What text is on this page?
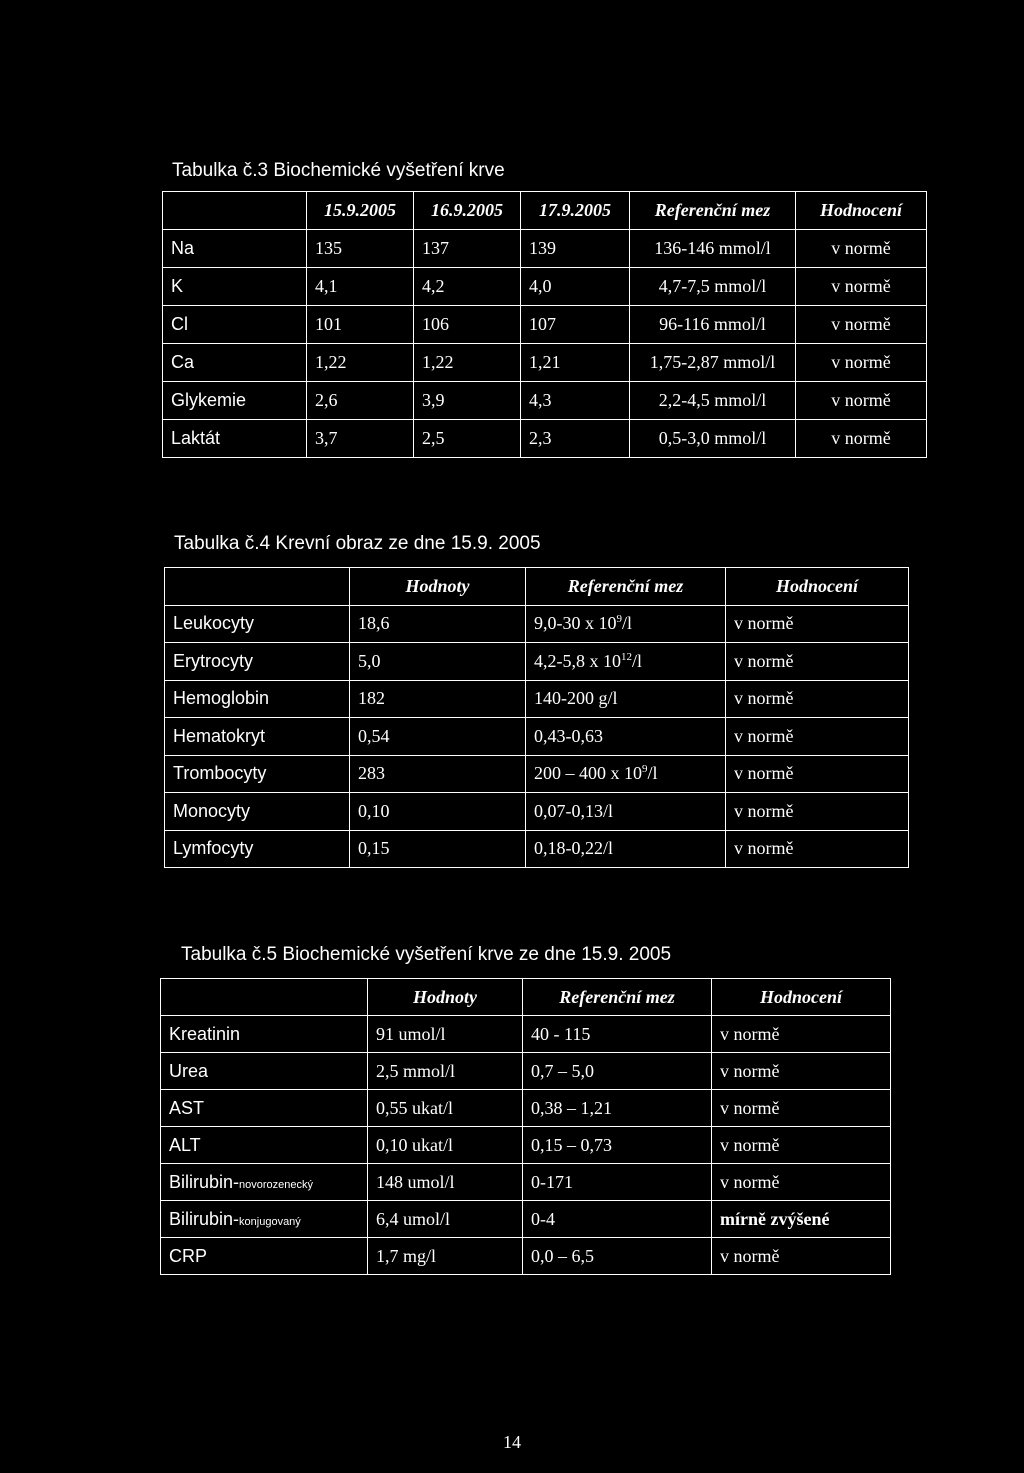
Tabulka č.3 Biochemické vyšetření krve
	15.9.2005	16.9.2005	17.9.2005	Referenční mez	Hodnocení
Na	135	137	139	136-146 mmol/l	v normě
K	4,1	4,2	4,0	4,7-7,5 mmol/l	v normě
Cl	101	106	107	96-116 mmol/l	v normě
Ca	1,22	1,22	1,21	1,75-2,87 mmol/l	v normě
Glykemie	2,6	3,9	4,3	2,2-4,5 mmol/l	v normě
Laktát	3,7	2,5	2,3	0,5-3,0 mmol/l	v normě
Tabulka č.4 Krevní obraz ze dne 15.9. 2005
	Hodnoty	Referenční mez	Hodnocení
Leukocyty	18,6	9,0-30 x $10^9/l$	v normě
Erytrocyty	5,0	4,2-5,8 x $10^{12}/l$	v normě
Hemoglobin	182	140-200 g/l	v normě
Hematokryt	0,54	0,43-0,63	v normě
Trombocyty	283	200 – 400 x $10^9/l$	v normě
Monocyty	0,10	0,07-0,13/l	v normě
Lymfocyty	0,15	0,18-0,22/l	v normě
Tabulka č.5 Biochemické vyšetření krve ze dne 15.9. 2005
	Hodnoty	Referenční mez	Hodnocení
Kreatinin	91 umol/l	40 - 115	v normě
Urea	2,5 mmol/l	0,7 – 5,0	v normě
AST	0,55 ukat/l	0,38 – 1,21	v normě
ALT	0,10 ukat/l	0,15 – 0,73	v normě
Bilirubin-novorozenecký	148 umol/l	0-171	v normě
Bilirubin-konjugovaný	6,4 umol/l	0-4	mírně zvýšené
CRP	1,7 mg/l	0,0 – 6,5	v normě
14
